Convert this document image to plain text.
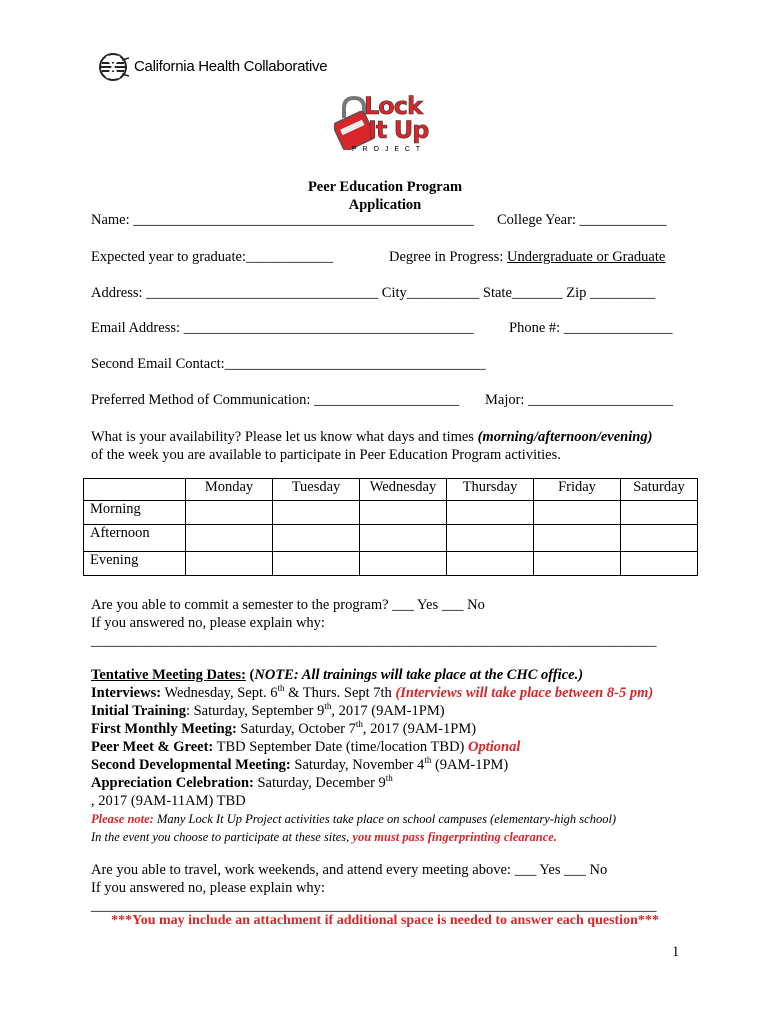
California Health Collaborative
Lock
It Up
P R O J E C T
Peer Education Program
Application
Name: _______________________________________________ College Year: ____________
Expected year to graduate:____________	Degree in Progress: Undergraduate or Graduate
Address: ________________________________ City__________ State_______ Zip _________
Email Address: ________________________________________ Phone #: _______________
Second Email Contact:____________________________________
Preferred Method of Communication: ____________________ Major: ____________________
What is your availability? Please let us know what days and times (morning/afternoon/evening)
of the week you are available to participate in Peer Education Program activities.
	Monday	Tuesday	Wednesday	Thursday	Friday	Saturday
Morning						
Afternoon						
Evening						
Are you able to commit a semester to the program? ___ Yes ___ No
If you answered no, please explain why:
______________________________________________________________________________
Tentative Meeting Dates: (NOTE: All trainings will take place at the CHC office.)
Interviews: Wednesday, Sept. 6th & Thurs. Sept 7th (Interviews will take place between 8-5 pm)
Initial Training: Saturday, September 9th, 2017 (9AM-1PM)
First Monthly Meeting: Saturday, October 7th, 2017 (9AM-1PM)
Peer Meet & Greet: TBD September Date (time/location TBD) Optional
Second Developmental Meeting: Saturday, November 4th (9AM-1PM)
Appreciation Celebration: Saturday, December 9th
, 2017 (9AM-11AM) TBD
Please note: Many Lock It Up Project activities take place on school campuses (elementary-high school)
In the event you choose to participate at these sites, you must pass fingerprinting clearance.
Are you able to travel, work weekends, and attend every meeting above: ___ Yes ___ No
If you answered no, please explain why:
______________________________________________________________________________
***You may include an attachment if additional space is needed to answer each question***
1
